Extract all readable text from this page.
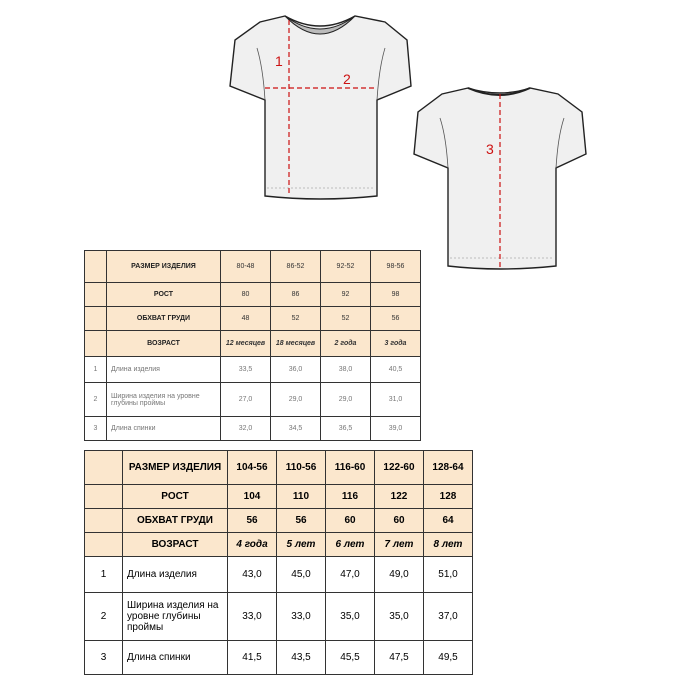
1
2
3
	РАЗМЕР ИЗДЕЛИЯ	80-48	86-52	92-52	98-56
	РОСТ	80	86	92	98
	ОБХВАТ ГРУДИ	48	52	52	56
	ВОЗРАСТ	12 месяцев	18 месяцев	2 года	3 года
1	Длина изделия	33,5	36,0	38,0	40,5
2	Ширина изделия на уровне глубины проймы	27,0	29,0	29,0	31,0
3	Длина спинки	32,0	34,5	36,5	39,0
	РАЗМЕР ИЗДЕЛИЯ	104-56	110-56	116-60	122-60	128-64
	РОСТ	104	110	116	122	128
	ОБХВАТ ГРУДИ	56	56	60	60	64
	ВОЗРАСТ	4 года	5 лет	6 лет	7 лет	8 лет
1	Длина изделия	43,0	45,0	47,0	49,0	51,0
2	Ширина изделия на уровне глубины проймы	33,0	33,0	35,0	35,0	37,0
3	Длина спинки	41,5	43,5	45,5	47,5	49,5
